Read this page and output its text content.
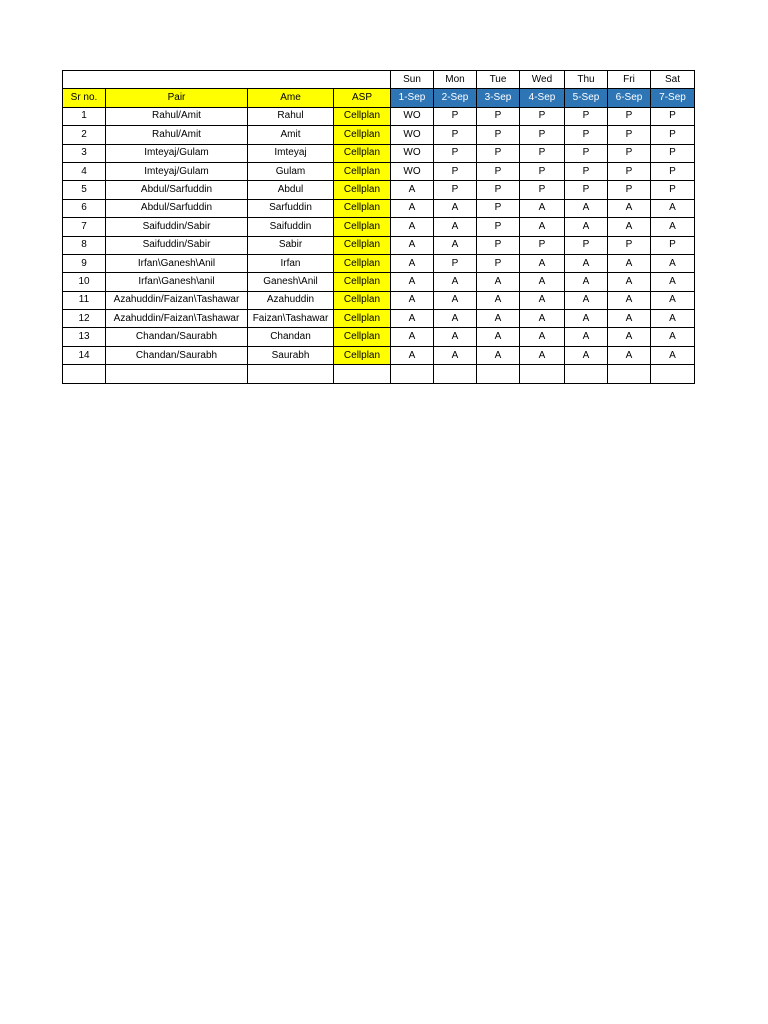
				Sun	Mon	Tue	Wed	Thu	Fri	Sat
Sr no.	Pair	Ame	ASP	1-Sep	2-Sep	3-Sep	4-Sep	5-Sep	6-Sep	7-Sep
1	Rahul/Amit	Rahul	Cellplan	WO	P	P	P	P	P	P
2	Rahul/Amit	Amit	Cellplan	WO	P	P	P	P	P	P
3	Imteyaj/Gulam	Imteyaj	Cellplan	WO	P	P	P	P	P	P
4	Imteyaj/Gulam	Gulam	Cellplan	WO	P	P	P	P	P	P
5	Abdul/Sarfuddin	Abdul	Cellplan	A	P	P	P	P	P	P
6	Abdul/Sarfuddin	Sarfuddin	Cellplan	A	A	P	A	A	A	A
7	Saifuddin/Sabir	Saifuddin	Cellplan	A	A	P	A	A	A	A
8	Saifuddin/Sabir	Sabir	Cellplan	A	A	P	P	P	P	P
9	Irfan\Ganesh\Anil	Irfan	Cellplan	A	P	P	A	A	A	A
10	Irfan\Ganesh\anil	Ganesh\Anil	Cellplan	A	A	A	A	A	A	A
11	Azahuddin/Faizan\Tashawar	Azahuddin	Cellplan	A	A	A	A	A	A	A
12	Azahuddin/Faizan\Tashawar	Faizan\Tashawar	Cellplan	A	A	A	A	A	A	A
13	Chandan/Saurabh	Chandan	Cellplan	A	A	A	A	A	A	A
14	Chandan/Saurabh	Saurabh	Cellplan	A	A	A	A	A	A	A
